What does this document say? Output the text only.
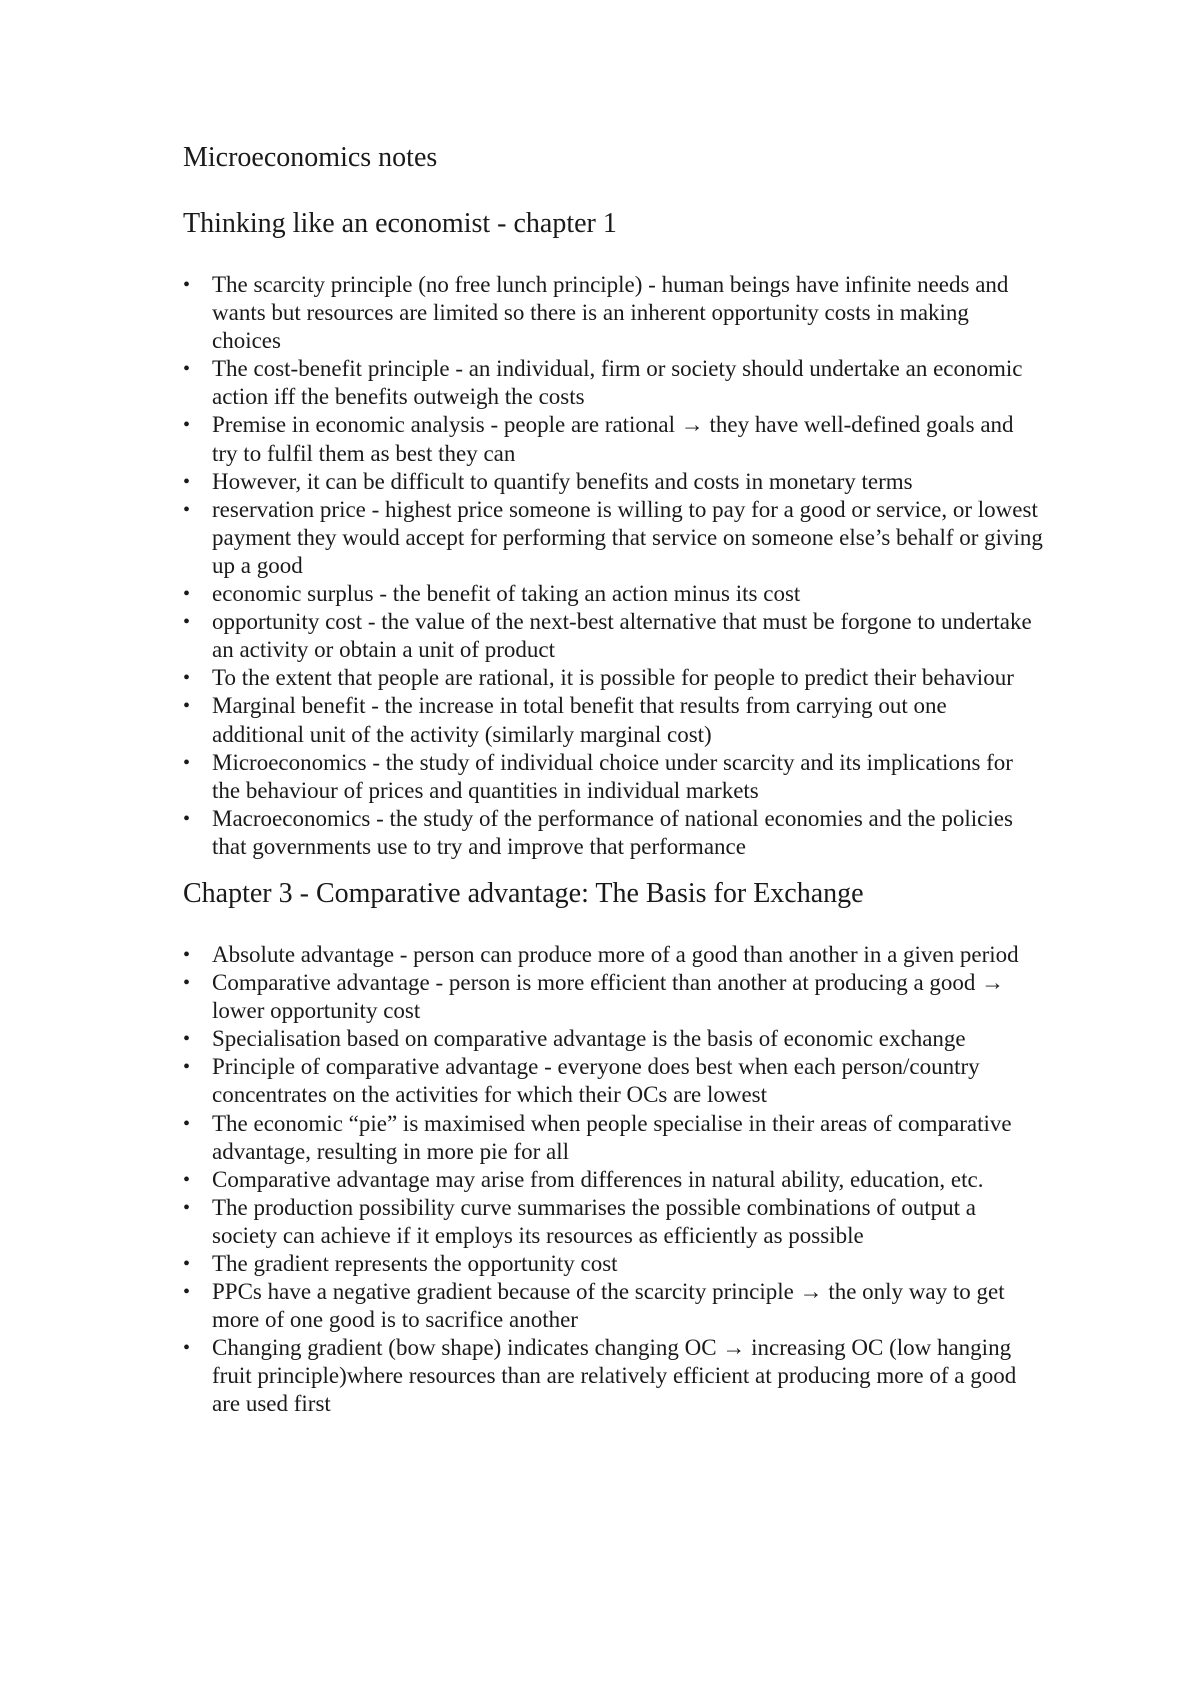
Microeconomics notes
Thinking like an economist - chapter 1
• The scarcity principle (no free lunch principle) - human beings have infinite needs and wants but resources are limited so there is an inherent opportunity costs in making choices
• The cost-benefit principle - an individual, firm or society should undertake an economic action iff the benefits outweigh the costs
• Premise in economic analysis - people are rational → they have well-defined goals and try to fulfil them as best they can
• However, it can be difficult to quantify benefits and costs in monetary terms
• reservation price - highest price someone is willing to pay for a good or service, or lowest payment they would accept for performing that service on someone else’s behalf or giving up a good
• economic surplus - the benefit of taking an action minus its cost
• opportunity cost - the value of the next-best alternative that must be forgone to undertake an activity or obtain a unit of product
• To the extent that people are rational, it is possible for people to predict their behaviour
• Marginal benefit - the increase in total benefit that results from carrying out one additional unit of the activity (similarly marginal cost)
• Microeconomics - the study of individual choice under scarcity and its implications for the behaviour of prices and quantities in individual markets
• Macroeconomics - the study of the performance of national economies and the policies that governments use to try and improve that performance
Chapter 3 - Comparative advantage: The Basis for Exchange
• Absolute advantage - person can produce more of a good than another in a given period
• Comparative advantage - person is more efficient than another at producing a good → lower opportunity cost
• Specialisation based on comparative advantage is the basis of economic exchange
• Principle of comparative advantage - everyone does best when each person/country concentrates on the activities for which their OCs are lowest
• The economic “pie” is maximised when people specialise in their areas of comparative advantage, resulting in more pie for all
• Comparative advantage may arise from differences in natural ability, education, etc.
• The production possibility curve summarises the possible combinations of output a society can achieve if it employs its resources as efficiently as possible
• The gradient represents the opportunity cost
• PPCs have a negative gradient because of the scarcity principle → the only way to get more of one good is to sacrifice another
• Changing gradient (bow shape) indicates changing OC → increasing OC (low hanging fruit principle)where resources than are relatively efficient at producing more of a good are used first
